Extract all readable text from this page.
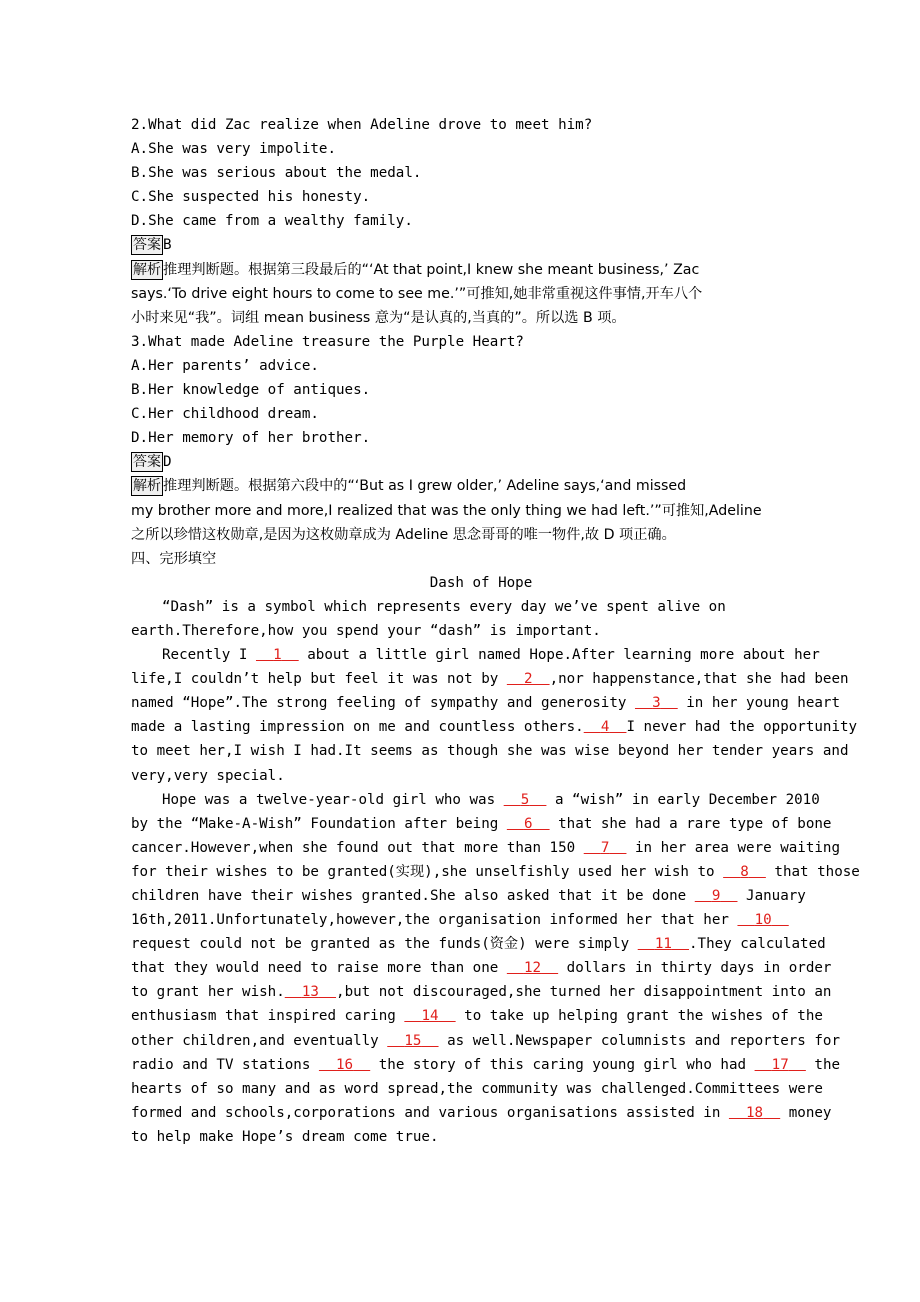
2.What did Zac realize when Adeline drove to meet him?
A.She was very impolite.
B.She was serious about the medal.
C.She suspected his honesty.
D.She came from a wealthy family.
答案 B
解析 推理判断题。根据第三段最后的“‘At that point,I knew she meant business,’ Zac
says.‘To drive eight hours to come to see me.’”可推知,她非常重视这件事情,开车八个
小时来见“我”。词组 mean business 意为“是认真的,当真的”。所以选 B 项。
3.What made Adeline treasure the Purple Heart?
A.Her parents’ advice.
B.Her knowledge of antiques.
C.Her childhood dream.
D.Her memory of her brother.
答案 D
解析 推理判断题。根据第六段中的“‘But as I grew older,’ Adeline says,‘and missed
my brother more and more,I realized that was the only thing we had left.’”可推知,Adeline
之所以珍惜这枚勋章,是因为这枚勋章成为 Adeline 思念哥哥的唯一物件,故 D 项正确。
四、完形填空
Dash of Hope
“Dash” is a symbol which represents every day we’ve spent alive on
earth.Therefore,how you spend your “dash” is important.
Recently I   1   about a little girl named Hope.After learning more about her
life,I couldn’t help but feel it was not by   2 ,nor happenstance,that she had been
named “Hope”.The strong feeling of sympathy and generosity   3   in her young heart
made a lasting impression on me and countless others. 4 I never had the opportunity
to meet her,I wish I had.It seems as though she was wise beyond her tender years and
very,very special.
Hope was a twelve-year-old girl who was   5   a “wish” in early December 2010
by the “Make-A-Wish” Foundation after being   6   that she had a rare type of bone
cancer.However,when she found out that more than 150   7   in her area were waiting
for their wishes to be granted(实现),she unselfishly used her wish to   8   that those
children have their wishes granted.She also asked that it be done   9   January
16th,2011.Unfortunately,however,the organisation informed her that her   10
request could not be granted as the funds(资金) were simply   11 .They calculated
that they would need to raise more than one   12   dollars in thirty days in order
to grant her wish. 13 ,but not discouraged,she turned her disappointment into an
enthusiasm that inspired caring   14   to take up helping grant the wishes of the
other children,and eventually   15   as well.Newspaper columnists and reporters for
radio and TV stations   16   the story of this caring young girl who had   17   the
hearts of so many and as word spread,the community was challenged.Committees were
formed and schools,corporations and various organisations assisted in   18   money
to help make Hope’s dream come true.
